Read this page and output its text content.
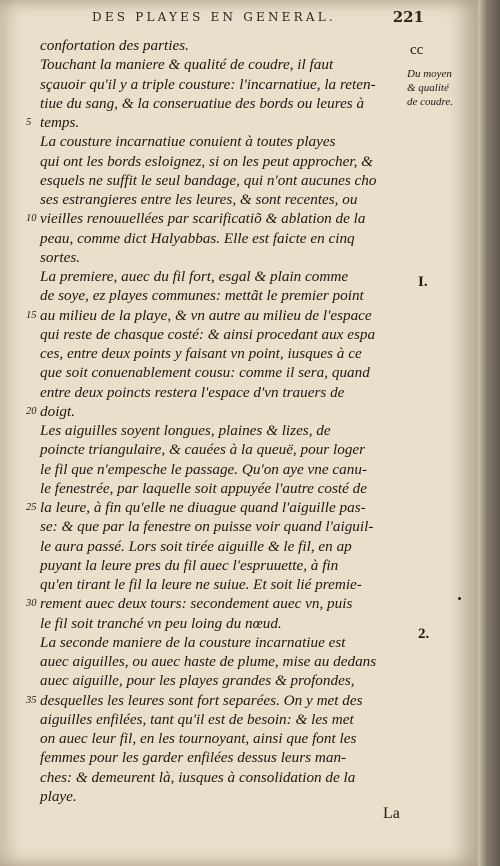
DES PLAYES EN GENERAL.	221
cc
Du moyen
& qualité
de coudre.
I.
2.
confortation des parties.
Touchant la maniere & qualité de coudre, il faut
sçauoir qu'il y a triple cousture: l'incarnatiue, la reten-
tiue du sang, & la conseruatiue des bords ou leures à
5 temps.
La cousture incarnatiue conuient à toutes playes
qui ont les bords esloignez, si on les peut approcher, &
esquels ne suffit le seul bandage, qui n'ont aucunes cho
ses estrangieres entre les leures, & sont recentes, ou
10 vieilles renouuellées par scarificatiõ & ablation de la
peau, comme dict Halyabbas. Elle est faicte en cinq
sortes.
La premiere, auec du fil fort, esgal & plain comme
de soye, ez playes communes: mettãt le premier point
15 au milieu de la playe, & vn autre au milieu de l'espace
qui reste de chasque costé: & ainsi procedant aux espa
ces, entre deux points y faisant vn point, iusques à ce
que soit conuenablement cousu: comme il sera, quand
entre deux poincts restera l'espace d'vn trauers de
20 doigt.
Les aiguilles soyent longues, plaines & lizes, de
poincte triangulaire, & cauées à la queuë, pour loger
le fil que n'empesche le passage. Qu'on aye vne canu-
le fenestrée, par laquelle soit appuyée l'autre costé de
25 la leure, à fin qu'elle ne diuague quand l'aiguille pas-
se: & que par la fenestre on puisse voir quand l'aiguil-
le aura passé. Lors soit tirée aiguille & le fil, en ap
puyant la leure pres du fil auec l'espruuette, à fin
qu'en tirant le fil la leure ne suiue. Et soit lié premie-
30 rement auec deux tours: secondement auec vn, puis
le fil soit tranché vn peu loing du nœud.
La seconde maniere de la cousture incarnatiue est
auec aiguilles, ou auec haste de plume, mise au dedans
auec aiguille, pour les playes grandes & profondes,
35 desquelles les leures sont fort separées. On y met des
aiguilles enfilées, tant qu'il est de besoin: & les met
on auec leur fil, en les tournoyant, ainsi que font les
femmes pour les garder enfilées dessus leurs man-
ches: & demeurent là, iusques à consolidation de la
playe.
La
